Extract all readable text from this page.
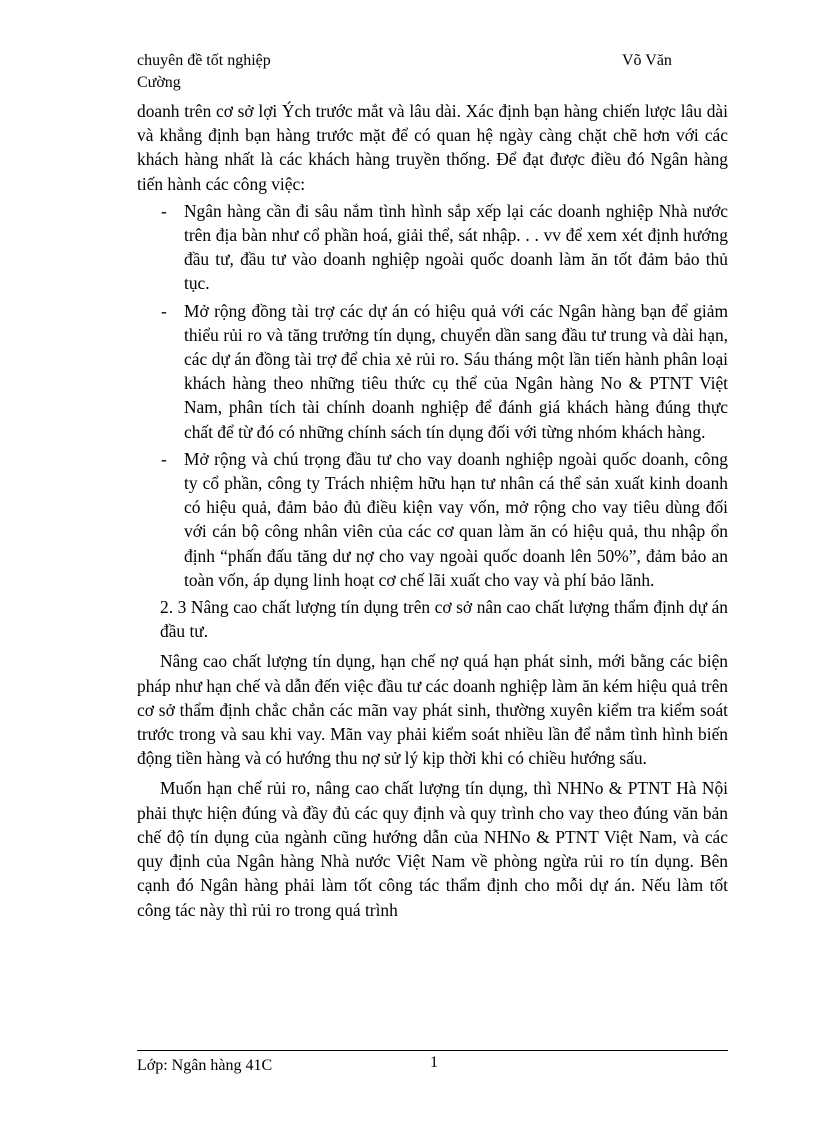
chuyên đề tốt nghiệp
Cường
Võ Văn

doanh trên cơ sở lợi Ých trước mắt và lâu dài. Xác định bạn hàng chiến lược lâu dài và khẳng định bạn hàng trước mặt để có quan hệ ngày càng chặt chẽ hơn với các khách hàng nhất là các khách hàng truyền thống. Để đạt được điều đó Ngân hàng tiến hành các công việc:

- Ngân hàng cần đi sâu nắm tình hình sắp xếp lại các doanh nghiệp Nhà nước trên địa bàn như cổ phần hoá, giải thể, sát nhập. . . vv để xem xét định hướng đầu tư, đầu tư vào doanh nghiệp ngoài quốc doanh làm ăn tốt đảm bảo thủ tục.
- Mở rộng đồng tài trợ các dự án có hiệu quả với các Ngân hàng bạn để giảm thiểu rủi ro và tăng trưởng tín dụng, chuyển dần sang đầu tư trung và dài hạn, các dự án đồng tài trợ để chia xẻ rủi ro. Sáu tháng một lần tiến hành phân loại khách hàng theo những tiêu thức cụ thể của Ngân hàng No & PTNT Việt Nam, phân tích tài chính doanh nghiệp để đánh giá khách hàng đúng thực chất để từ đó có những chính sách tín dụng đối với từng nhóm khách hàng.
- Mở rộng và chú trọng đầu tư cho vay doanh nghiệp ngoài quốc doanh, công ty cổ phần, công ty Trách nhiệm hữu hạn tư nhân cá thể sản xuất kinh doanh có hiệu quả, đảm bảo đủ điều kiện vay vốn, mở rộng cho vay tiêu dùng đối với cán bộ công nhân viên của các cơ quan làm ăn có hiệu quả, thu nhập ổn định “phấn đấu tăng dư nợ cho vay ngoài quốc doanh lên 50%”, đảm bảo an toàn vốn, áp dụng linh hoạt cơ chế lãi xuất cho vay và phí bảo lãnh.

2. 3 Nâng cao chất lượng tín dụng trên cơ sở nân cao chất lượng thẩm định dự án đầu tư.

Nâng cao chất lượng tín dụng, hạn chế nợ quá hạn phát sinh, mới bằng các biện pháp như hạn chế và dẫn đến việc đầu tư các doanh nghiệp làm ăn kém hiệu quả trên cơ sở thẩm định chắc chắn các mãn vay phát sinh, thường xuyên kiểm tra kiểm soát trước trong và sau khi vay. Mãn vay phải kiểm soát nhiều lần để nắm tình hình biến động tiền hàng và có hướng thu nợ sử lý kịp thời khi có chiều hướng sấu.

Muốn hạn chế rủi ro, nâng cao chất lượng tín dụng, thì NHNo & PTNT Hà Nội phải thực hiện đúng và đầy đủ các quy định và quy trình cho vay theo đúng văn bản chế độ tín dụng của ngành cũng hướng dẫn của NHNo & PTNT Việt Nam, và các quy định của Ngân hàng Nhà nước Việt Nam về phòng ngừa rủi ro tín dụng. Bên cạnh đó Ngân hàng phải làm tốt công tác thẩm định cho mỗi dự án. Nếu làm tốt công tác này thì rủi ro trong quá trình

Lớp: Ngân hàng 41C	1
